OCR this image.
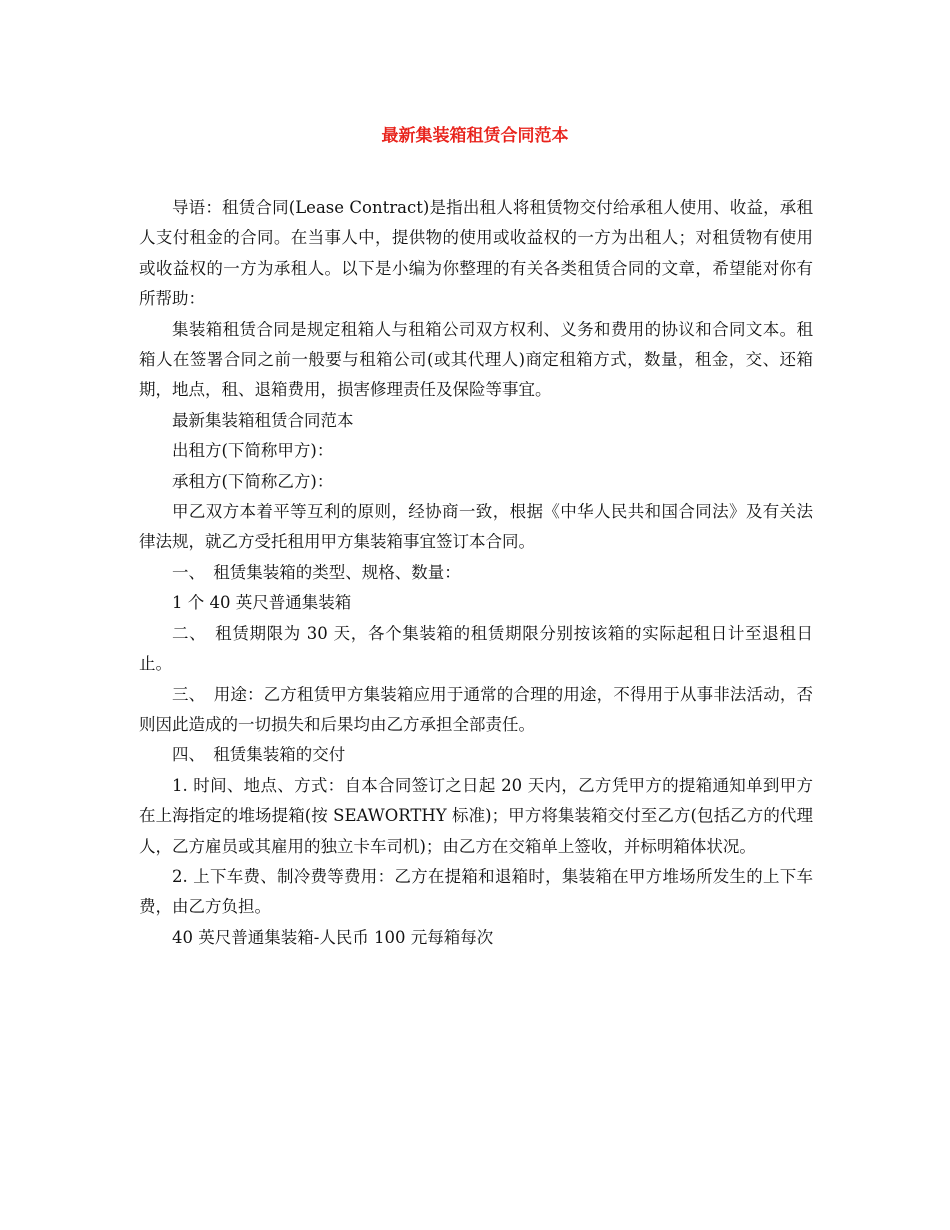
最新集装箱租赁合同范本

导语：租赁合同(Lease Contract)是指出租人将租赁物交付给承租人使用、收益，承租人支付租金的合同。在当事人中，提供物的使用或收益权的一方为出租人；对租赁物有使用或收益权的一方为承租人。以下是小编为你整理的有关各类租赁合同的文章，希望能对你有所帮助：

集装箱租赁合同是规定租箱人与租箱公司双方权利、义务和费用的协议和合同文本。租箱人在签署合同之前一般要与租箱公司(或其代理人)商定租箱方式，数量，租金，交、还箱期，地点，租、退箱费用，损害修理责任及保险等事宜。

最新集装箱租赁合同范本

出租方(下简称甲方)：

承租方(下简称乙方)：

甲乙双方本着平等互利的原则，经协商一致，根据《中华人民共和国合同法》及有关法律法规，就乙方受托租用甲方集装箱事宜签订本合同。

一、　租赁集装箱的类型、规格、数量：

1 个 40 英尺普通集装箱

二、　租赁期限为 30 天，各个集装箱的租赁期限分别按该箱的实际起租日计至退租日止。

三、　用途：乙方租赁甲方集装箱应用于通常的合理的用途，不得用于从事非法活动，否则因此造成的一切损失和后果均由乙方承担全部责任。

四、　租赁集装箱的交付

1. 时间、地点、方式：自本合同签订之日起 20 天内，乙方凭甲方的提箱通知单到甲方在上海指定的堆场提箱(按 SEAWORTHY 标准)；甲方将集装箱交付至乙方(包括乙方的代理人，乙方雇员或其雇用的独立卡车司机)；由乙方在交箱单上签收，并标明箱体状况。

2. 上下车费、制冷费等费用：乙方在提箱和退箱时，集装箱在甲方堆场所发生的上下车费，由乙方负担。

40 英尺普通集装箱-人民币 100 元每箱每次
